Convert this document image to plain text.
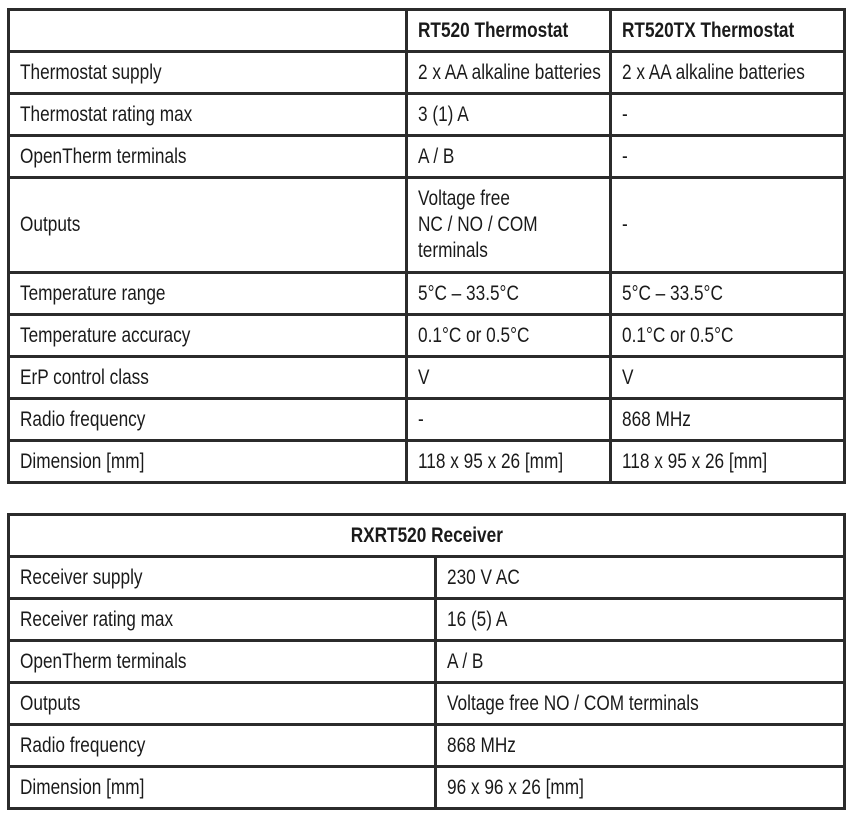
	RT520 Thermostat	RT520TX Thermostat
Thermostat supply	2 x AA alkaline batteries	2 x AA alkaline batteries
Thermostat rating max	3 (1) A	-
OpenTherm terminals	A / B	-
Outputs	Voltage free
NC / NO / COM
terminals	-
Temperature range	5°C – 33.5°C	5°C – 33.5°C
Temperature accuracy	0.1°C or 0.5°C	0.1°C or 0.5°C
ErP control class	V	V
Radio frequency	-	868 MHz
Dimension [mm]	118 x 95 x 26 [mm]	118 x 95 x 26 [mm]
RXRT520 Receiver	
Receiver supply	230 V AC
Receiver rating max	16 (5) A
OpenTherm terminals	A / B
Outputs	Voltage free NO / COM terminals
Radio frequency	868 MHz
Dimension [mm]	96 x 96 x 26 [mm]
